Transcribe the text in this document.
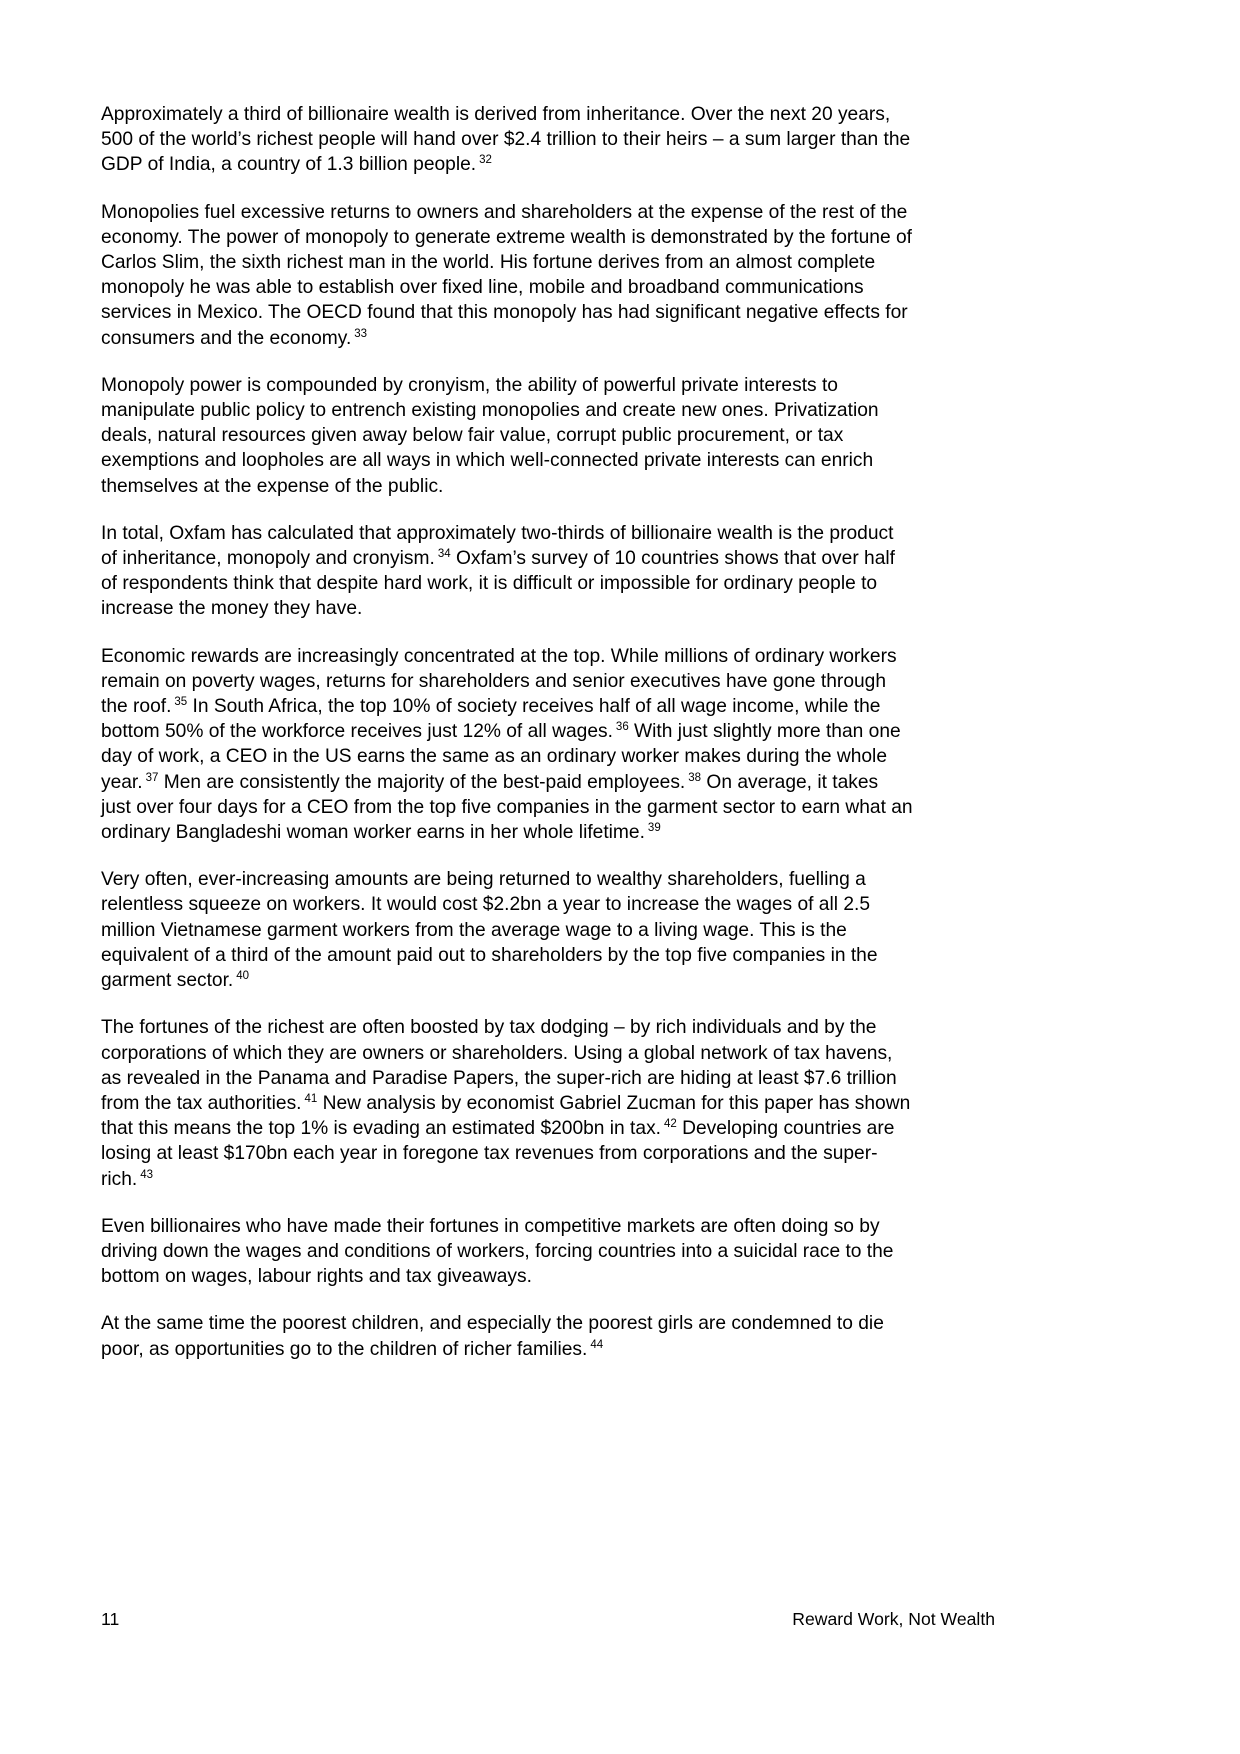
Approximately a third of billionaire wealth is derived from inheritance. Over the next 20 years, 500 of the world’s richest people will hand over $2.4 trillion to their heirs – a sum larger than the GDP of India, a country of 1.3 billion people. $^{32}$

Monopolies fuel excessive returns to owners and shareholders at the expense of the rest of the economy. The power of monopoly to generate extreme wealth is demonstrated by the fortune of Carlos Slim, the sixth richest man in the world. His fortune derives from an almost complete monopoly he was able to establish over fixed line, mobile and broadband communications services in Mexico. The OECD found that this monopoly has had significant negative effects for consumers and the economy. $^{33}$

Monopoly power is compounded by cronyism, the ability of powerful private interests to manipulate public policy to entrench existing monopolies and create new ones. Privatization deals, natural resources given away below fair value, corrupt public procurement, or tax exemptions and loopholes are all ways in which well-connected private interests can enrich themselves at the expense of the public.

In total, Oxfam has calculated that approximately two-thirds of billionaire wealth is the product of inheritance, monopoly and cronyism. $^{34}$ Oxfam’s survey of 10 countries shows that over half of respondents think that despite hard work, it is difficult or impossible for ordinary people to increase the money they have.

Economic rewards are increasingly concentrated at the top. While millions of ordinary workers remain on poverty wages, returns for shareholders and senior executives have gone through the roof. $^{35}$ In South Africa, the top 10% of society receives half of all wage income, while the bottom 50% of the workforce receives just 12% of all wages. $^{36}$ With just slightly more than one day of work, a CEO in the US earns the same as an ordinary worker makes during the whole year. $^{37}$ Men are consistently the majority of the best-paid employees. $^{38}$ On average, it takes just over four days for a CEO from the top five companies in the garment sector to earn what an ordinary Bangladeshi woman worker earns in her whole lifetime. $^{39}$

Very often, ever-increasing amounts are being returned to wealthy shareholders, fuelling a relentless squeeze on workers. It would cost $2.2bn a year to increase the wages of all 2.5 million Vietnamese garment workers from the average wage to a living wage. This is the equivalent of a third of the amount paid out to shareholders by the top five companies in the garment sector. $^{40}$

The fortunes of the richest are often boosted by tax dodging – by rich individuals and by the corporations of which they are owners or shareholders. Using a global network of tax havens, as revealed in the Panama and Paradise Papers, the super-rich are hiding at least $7.6 trillion from the tax authorities. $^{41}$ New analysis by economist Gabriel Zucman for this paper has shown that this means the top 1% is evading an estimated $200bn in tax. $^{42}$ Developing countries are losing at least $170bn each year in foregone tax revenues from corporations and the super-rich. $^{43}$

Even billionaires who have made their fortunes in competitive markets are often doing so by driving down the wages and conditions of workers, forcing countries into a suicidal race to the bottom on wages, labour rights and tax giveaways.

At the same time the poorest children, and especially the poorest girls are condemned to die poor, as opportunities go to the children of richer families. $^{44}$

11	Reward Work, Not Wealth
